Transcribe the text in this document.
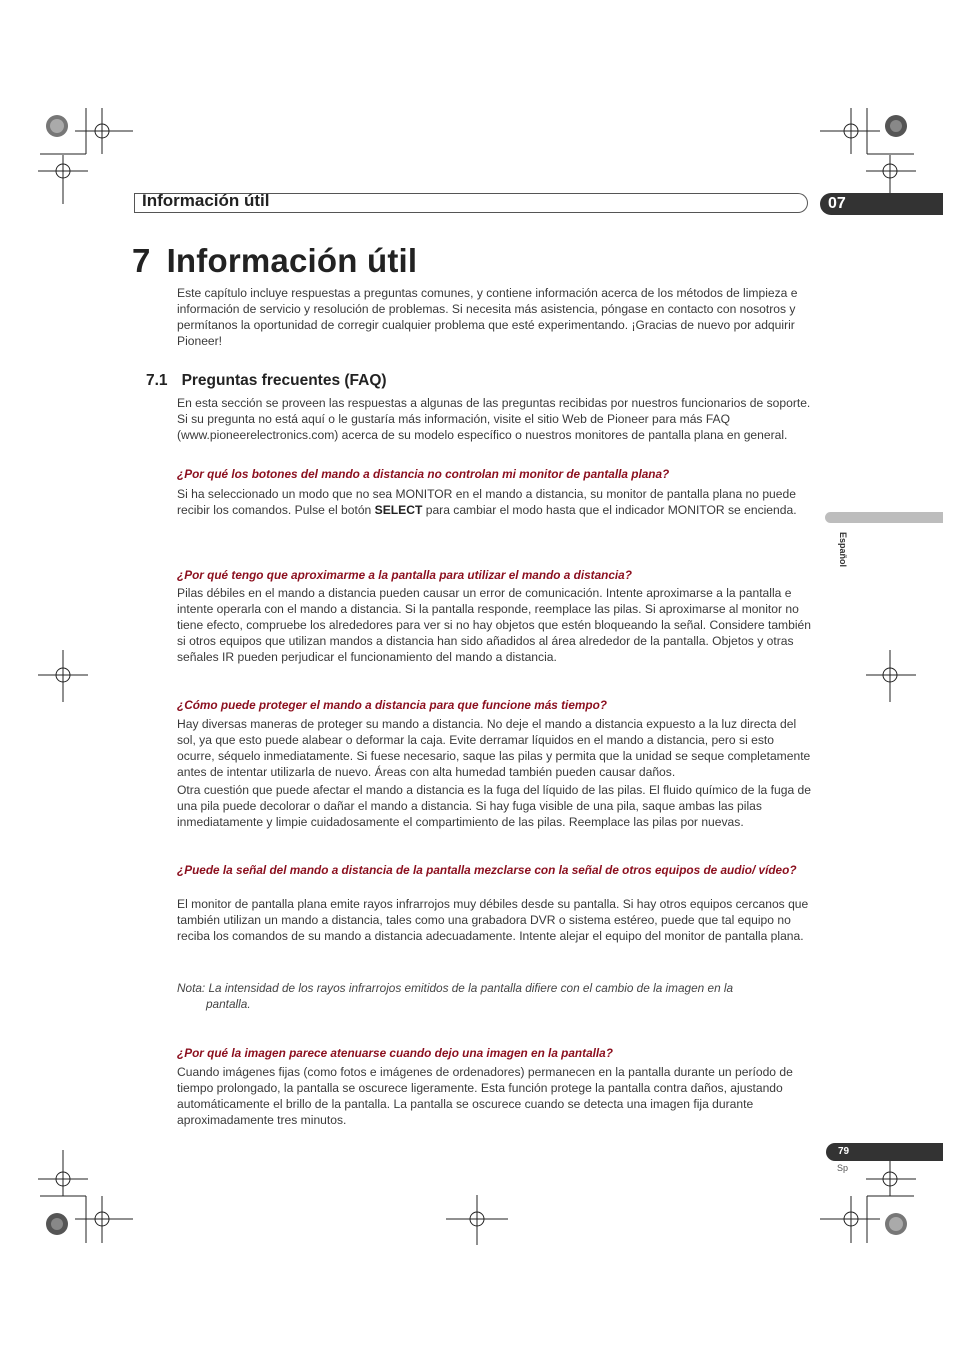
Información útil	07
7 Información útil
Este capítulo incluye respuestas a preguntas comunes, y contiene información acerca de los métodos de limpieza e información de servicio y resolución de problemas. Si necesita más asistencia, póngase en contacto con nosotros y permítanos la oportunidad de corregir cualquier problema que esté experimentando. ¡Gracias de nuevo por adquirir Pioneer!
7.1 Preguntas frecuentes (FAQ)
En esta sección se proveen las respuestas a algunas de las preguntas recibidas por nuestros funcionarios de soporte. Si su pregunta no está aquí o le gustaría más información, visite el sitio Web de Pioneer para más FAQ (www.pioneerelectronics.com) acerca de su modelo específico o nuestros monitores de pantalla plana en general.
¿Por qué los botones del mando a distancia no controlan mi monitor de pantalla plana?
Si ha seleccionado un modo que no sea MONITOR en el mando a distancia, su monitor de pantalla plana no puede recibir los comandos. Pulse el botón SELECT para cambiar el modo hasta que el indicador MONITOR se encienda.
¿Por qué tengo que aproximarme a la pantalla para utilizar el mando a distancia?
Pilas débiles en el mando a distancia pueden causar un error de comunicación. Intente aproximarse a la pantalla e intente operarla con el mando a distancia. Si la pantalla responde, reemplace las pilas. Si aproximarse al monitor no tiene efecto, compruebe los alrededores para ver si no hay objetos que estén bloqueando la señal. Considere también si otros equipos que utilizan mandos a distancia han sido añadidos al área alrededor de la pantalla. Objetos y otras señales IR pueden perjudicar el funcionamiento del mando a distancia.
¿Cómo puede proteger el mando a distancia para que funcione más tiempo?
Hay diversas maneras de proteger su mando a distancia. No deje el mando a distancia expuesto a la luz directa del sol, ya que esto puede alabear o deformar la caja. Evite derramar líquidos en el mando a distancia, pero si esto ocurre, séquelo inmediatamente. Si fuese necesario, saque las pilas y permita que la unidad se seque completamente antes de intentar utilizarla de nuevo. Áreas con alta humedad también pueden causar daños.
Otra cuestión que puede afectar el mando a distancia es la fuga del líquido de las pilas. El fluido químico de la fuga de una pila puede decolorar o dañar el mando a distancia. Si hay fuga visible de una pila, saque ambas las pilas inmediatamente y limpie cuidadosamente el compartimiento de las pilas. Reemplace las pilas por nuevas.
¿Puede la señal del mando a distancia de la pantalla mezclarse con la señal de otros equipos de audio/ vídeo?
El monitor de pantalla plana emite rayos infrarrojos muy débiles desde su pantalla. Si hay otros equipos cercanos que también utilizan un mando a distancia, tales como una grabadora DVR o sistema estéreo, puede que tal equipo no reciba los comandos de su mando a distancia adecuadamente. Intente alejar el equipo del monitor de pantalla plana.
Nota: La intensidad de los rayos infrarrojos emitidos de la pantalla difiere con el cambio de la imagen en la
pantalla.
¿Por qué la imagen parece atenuarse cuando dejo una imagen en la pantalla?
Cuando imágenes fijas (como fotos e imágenes de ordenadores) permanecen en la pantalla durante un período de tiempo prolongado, la pantalla se oscurece ligeramente. Esta función protege la pantalla contra daños, ajustando automáticamente el brillo de la pantalla. La pantalla se oscurece cuando se detecta una imagen fija durante aproximadamente tres minutos.
Español
79
Sp
